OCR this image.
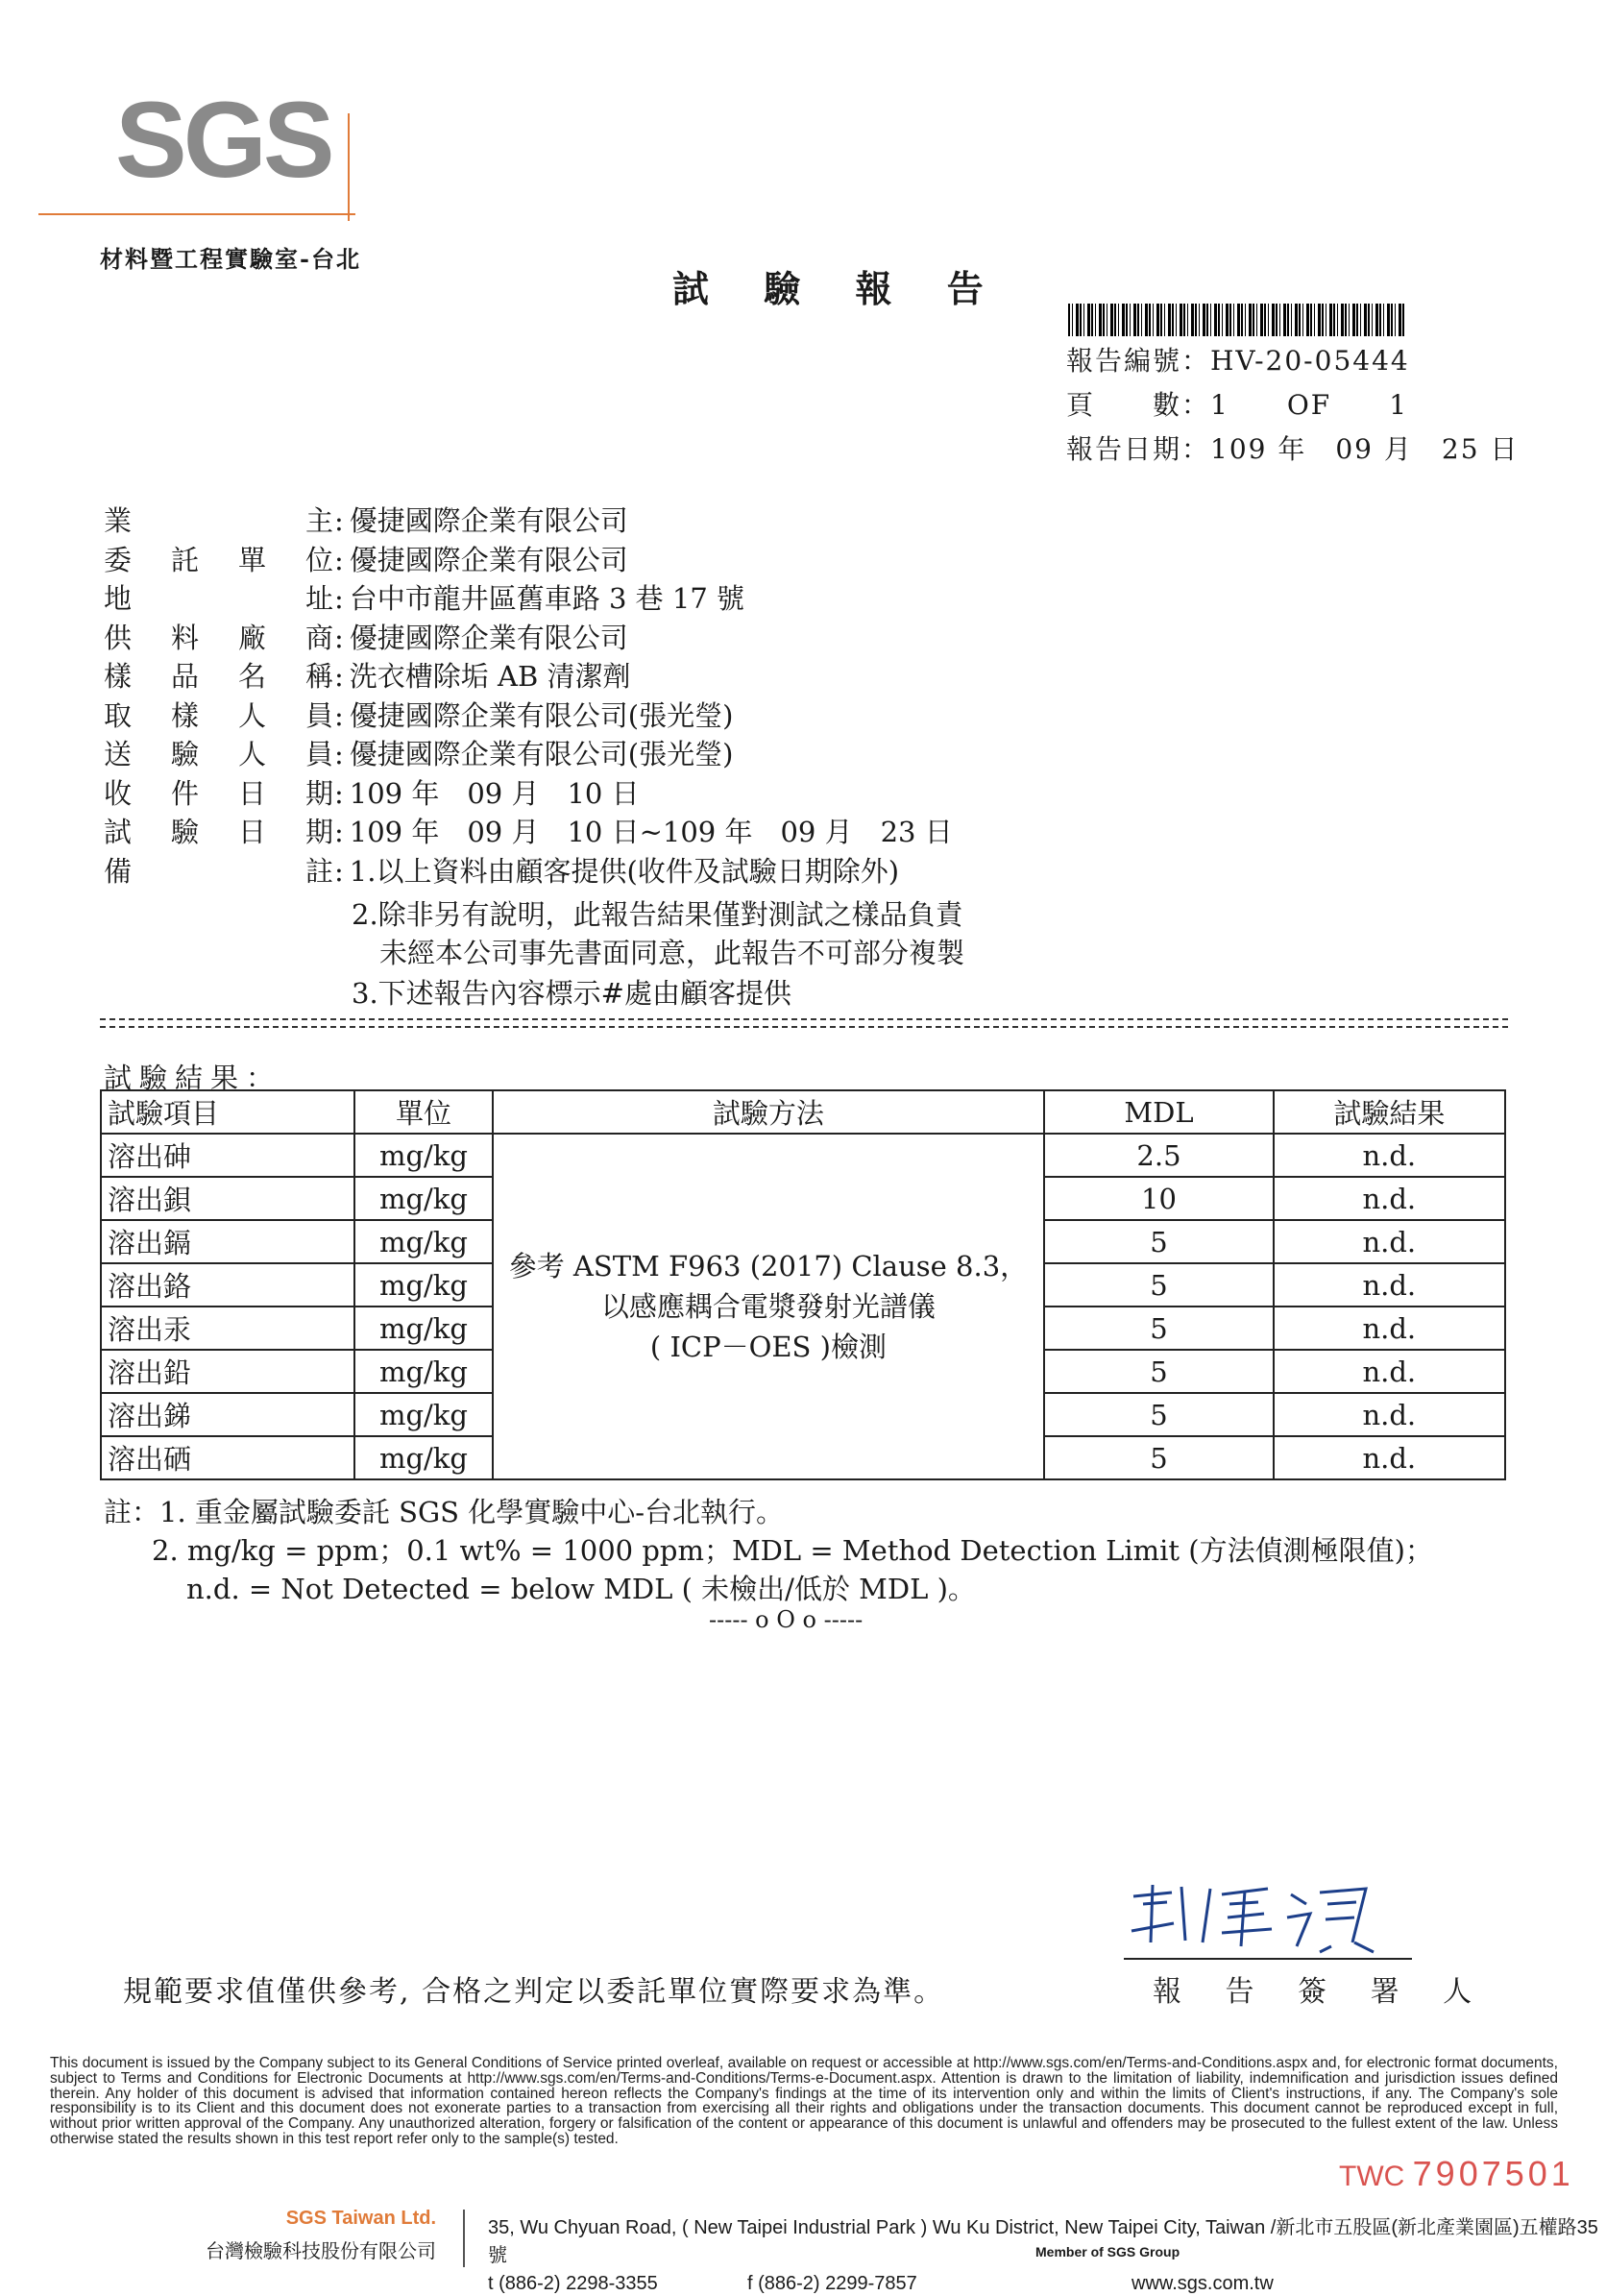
SGS
材料暨工程實驗室-台北
試 驗 報 告
報告編號：HV-20-05444
頁　　數：1　　OF　　1
報告日期：109 年　09 月　25 日
業主: 優捷國際企業有限公司
委託單位: 優捷國際企業有限公司
地址: 台中市龍井區舊車路 3 巷 17 號
供料廠商: 優捷國際企業有限公司
樣品名稱: 洗衣槽除垢 AB 清潔劑
取樣人員: 優捷國際企業有限公司(張光瑩)
送驗人員: 優捷國際企業有限公司(張光瑩)
收件日期: 109 年　09 月　10 日
試驗日期: 109 年　09 月　10 日~109 年　09 月　23 日
備註: 1.以上資料由顧客提供(收件及試驗日期除外)
2.除非另有說明，此報告結果僅對測試之樣品負責
　未經本公司事先書面同意，此報告不可部分複製
3.下述報告內容標示#處由顧客提供
試驗結果：
試驗項目	單位	試驗方法	MDL	試驗結果
溶出砷	mg/kg	參考 ASTM F963 (2017) Clause 8.3，
以感應耦合電漿發射光譜儀
( ICP－OES )檢測	2.5	n.d.
溶出鋇	mg/kg		10	n.d.
溶出鎘	mg/kg		5	n.d.
溶出鉻	mg/kg		5	n.d.
溶出汞	mg/kg		5	n.d.
溶出鉛	mg/kg		5	n.d.
溶出銻	mg/kg		5	n.d.
溶出硒	mg/kg		5	n.d.
註：1. 重金屬試驗委託 SGS 化學實驗中心-台北執行。
2. mg/kg = ppm；0.1 wt% = 1000 ppm；MDL = Method Detection Limit (方法偵測極限值)；
n.d. = Not Detected = below MDL ( 未檢出/低於 MDL )。
----- o O o -----
規範要求值僅供參考, 合格之判定以委託單位實際要求為準。	報 告 簽 署 人
This document is issued by the Company subject to its General Conditions of Service printed overleaf, available on request or accessible at http://www.sgs.com/en/Terms-and-Conditions.aspx and, for electronic format documents, subject to Terms and Conditions for Electronic Documents at http://www.sgs.com/en/Terms-and-Conditions/Terms-e-Document.aspx. Attention is drawn to the limitation of liability, indemnification and jurisdiction issues defined therein. Any holder of this document is advised that information contained hereon reflects the Company's findings at the time of its intervention only and within the limits of Client's instructions, if any. The Company's sole responsibility is to its Client and this document does not exonerate parties to a transaction from exercising all their rights and obligations under the transaction documents. This document cannot be reproduced except in full, without prior written approval of the Company. Any unauthorized alteration, forgery or falsification of the content or appearance of this document is unlawful and offenders may be prosecuted to the fullest extent of the law. Unless otherwise stated the results shown in this test report refer only to the sample(s) tested.
TWC 7907501
SGS Taiwan Ltd.
台灣檢驗科技股份有限公司
35, Wu Chyuan Road, ( New Taipei Industrial Park ) Wu Ku District, New Taipei City, Taiwan /新北市五股區(新北產業園區)五權路35號
t (886-2) 2298-3355	f (886-2) 2299-7857	www.sgs.com.tw
Member of SGS Group
